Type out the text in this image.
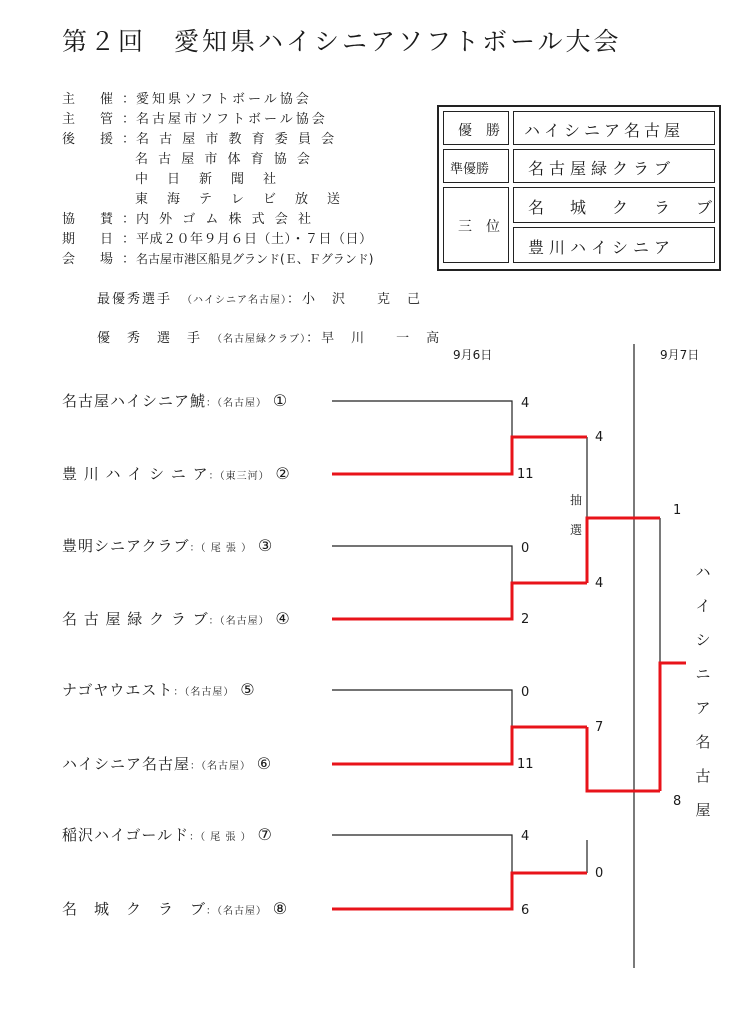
第２回　愛知県ハイシニアソフトボール大会
主　催 ：愛知県ソフトボール協会
主　管 ：名古屋市ソフトボール協会
後　援 ：名 古 屋 市 教 育 委 員 会
名 古 屋 市 体 育 協 会
中　日　新　聞　社
東　海　テ　レ　ビ　放　送
協　賛 ：内 外 ゴ ム 株 式 会 社
期　日 ：平成２０年９月６日（土）・７日（日）
会　場 ：名古屋市港区船見グランド(Ｅ、Ｆグランド)
優　勝 ハイシニア名古屋
準優勝 名古屋緑クラブ
三　位
名　城　ク　ラ　ブ
豊川ハイシニア
最優秀選手　 （ハイシニア名古屋）：小　沢　　克　己
優　秀　選　手　 （名古屋緑クラブ）：早　川　　一　高
9月6日	9月7日
名古屋ハイシニア鯱：（名古屋） ①
豊 川 ハ イ シ ニ ア：（東三河） ②
豊明シニアクラブ：（ 尾 張 ） ③
名 古 屋 緑 ク ラ ブ：（名古屋） ④
ナゴヤウエスト：（名古屋） ⑤
ハイシニア名古屋：（名古屋） ⑥
稲沢ハイゴールド：（ 尾 張 ） ⑦
名　城　ク　ラ　ブ：（名古屋） ⑧
4
11
0
2
0
11
4
6
4
4
7
0
1
8
抽
選
ハ
イ
シ
ニ
ア
名
古
屋
